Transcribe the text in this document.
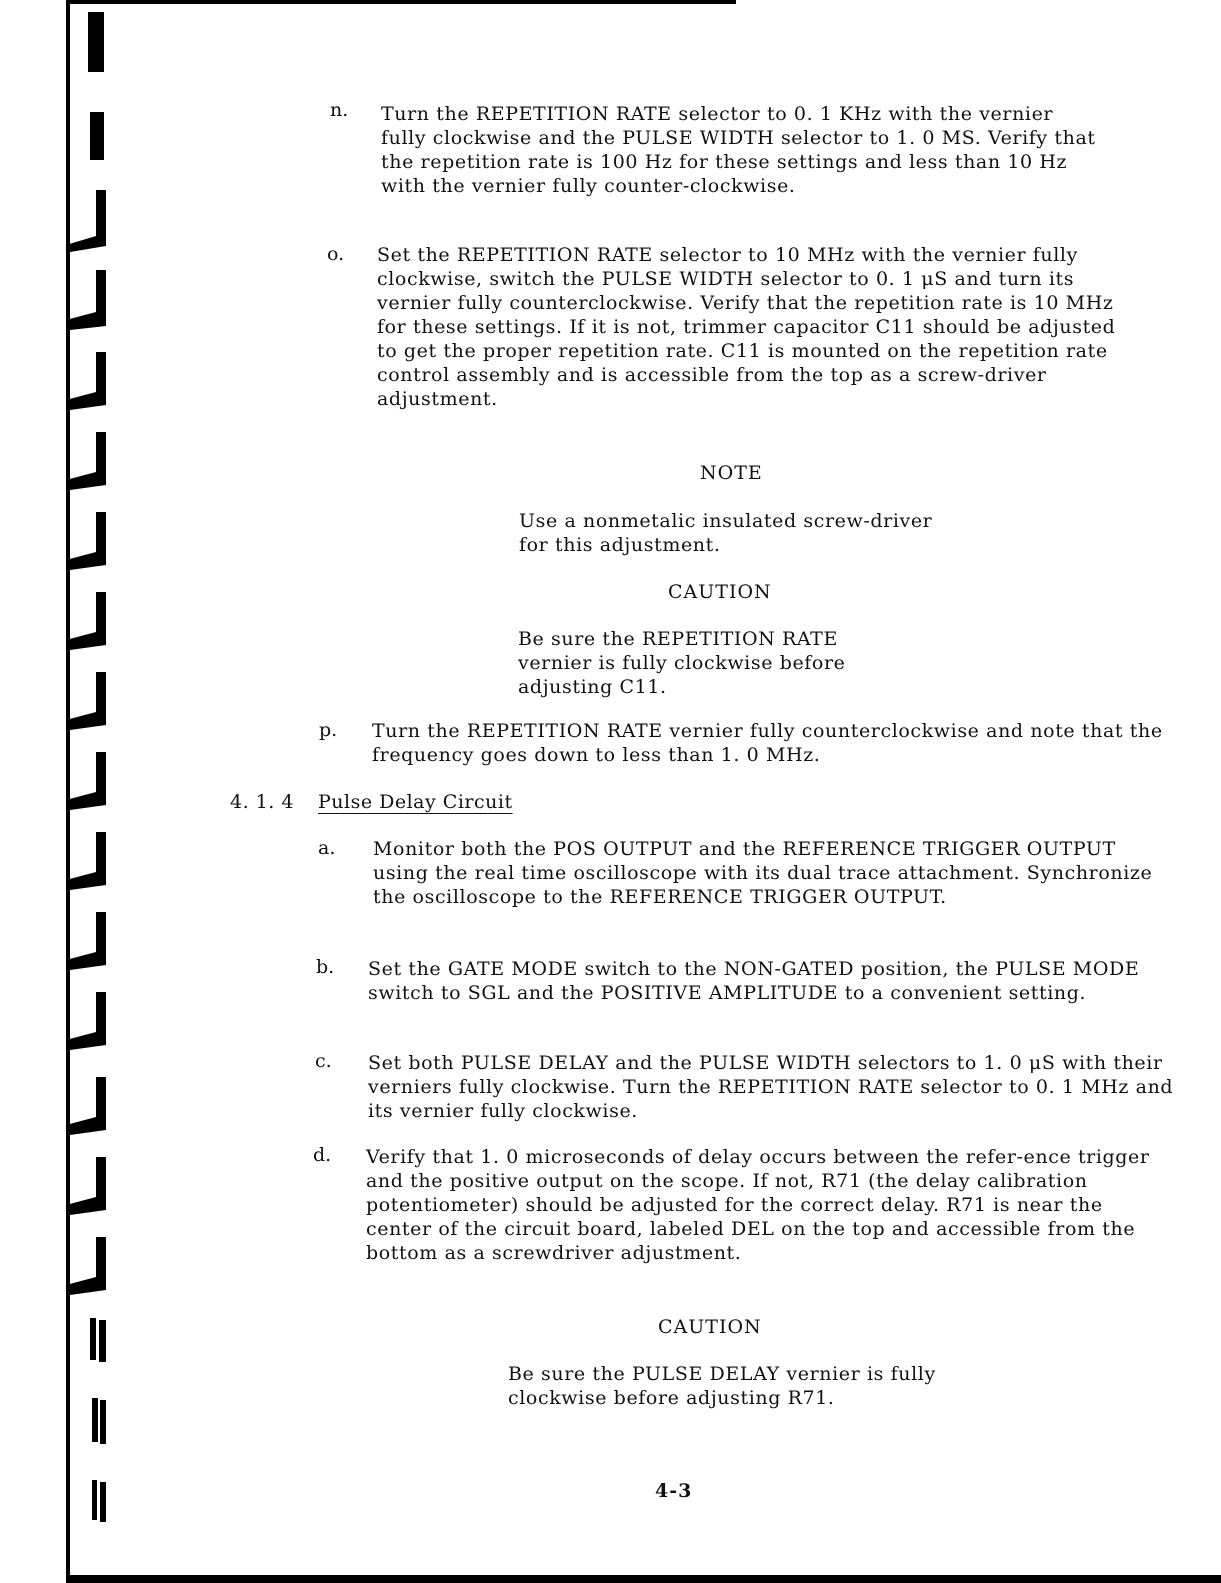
n. Turn the REPETITION RATE selector to 0. 1 KHz with the vernier fully clockwise and the PULSE WIDTH selector to 1. 0 MS. Verify that the repetition rate is 100 Hz for these settings and less than 10 Hz with the vernier fully counter-clockwise.
o. Set the REPETITION RATE selector to 10 MHz with the vernier fully clockwise, switch the PULSE WIDTH selector to 0. 1 μS and turn its vernier fully counterclockwise. Verify that the repetition rate is 10 MHz for these settings. If it is not, trimmer capacitor C11 should be adjusted to get the proper repetition rate. C11 is mounted on the repetition rate control assembly and is accessible from the top as a screw-driver adjustment.
NOTE
Use a nonmetalic insulated screw-driver for this adjustment.
CAUTION
Be sure the REPETITION RATE vernier is fully clockwise before adjusting C11.
p. Turn the REPETITION RATE vernier fully counterclockwise and note that the frequency goes down to less than 1. 0 MHz.
4. 1. 4 Pulse Delay Circuit
a. Monitor both the POS OUTPUT and the REFERENCE TRIGGER OUTPUT using the real time oscilloscope with its dual trace attachment. Synchronize the oscilloscope to the REFERENCE TRIGGER OUTPUT.
b. Set the GATE MODE switch to the NON-GATED position, the PULSE MODE switch to SGL and the POSITIVE AMPLITUDE to a convenient setting.
c. Set both PULSE DELAY and the PULSE WIDTH selectors to 1. 0 μS with their verniers fully clockwise. Turn the REPETITION RATE selector to 0. 1 MHz and its vernier fully clockwise.
d. Verify that 1. 0 microseconds of delay occurs between the refer-ence trigger and the positive output on the scope. If not, R71 (the delay calibration potentiometer) should be adjusted for the correct delay. R71 is near the center of the circuit board, labeled DEL on the top and accessible from the bottom as a screwdriver adjustment.
CAUTION
Be sure the PULSE DELAY vernier is fully clockwise before adjusting R71.
4-3
